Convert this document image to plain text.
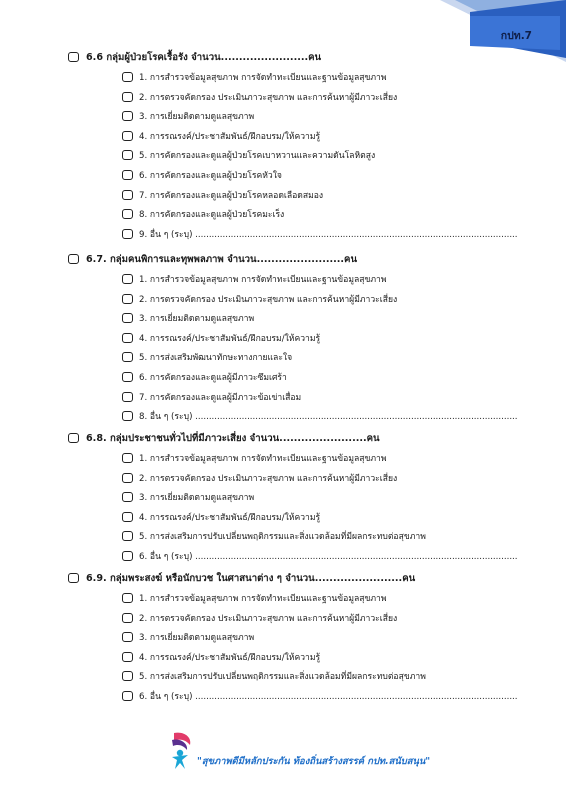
กปท.7
6.6 กลุ่มผู้ป่วยโรคเรื้อรัง จำนวน........................คน
1. การสำรวจข้อมูลสุขภาพ การจัดทำทะเบียนและฐานข้อมูลสุขภาพ
2. การตรวจคัดกรอง ประเมินภาวะสุขภาพ และการค้นหาผู้มีภาวะเสี่ยง
3. การเยี่ยมติดตามดูแลสุขภาพ
4. การรณรงค์/ประชาสัมพันธ์/ฝึกอบรม/ให้ความรู้
5. การคัดกรองและดูแลผู้ป่วยโรคเบาหวานและความดันโลหิตสูง
6. การคัดกรองและดูแลผู้ป่วยโรคหัวใจ
7. การคัดกรองและดูแลผู้ป่วยโรคหลอดเลือดสมอง
8. การคัดกรองและดูแลผู้ป่วยโรคมะเร็ง
9. อื่น ๆ (ระบุ) ......................................................................................................................
6.7. กลุ่มคนพิการและทุพพลภาพ จำนวน........................คน
1. การสำรวจข้อมูลสุขภาพ การจัดทำทะเบียนและฐานข้อมูลสุขภาพ
2. การตรวจคัดกรอง ประเมินภาวะสุขภาพ และการค้นหาผู้มีภาวะเสี่ยง
3. การเยี่ยมติดตามดูแลสุขภาพ
4. การรณรงค์/ประชาสัมพันธ์/ฝึกอบรม/ให้ความรู้
5. การส่งเสริมพัฒนาทักษะทางกายและใจ
6. การคัดกรองและดูแลผู้มีภาวะซึมเศร้า
7. การคัดกรองและดูแลผู้มีภาวะข้อเข่าเสื่อม
8. อื่น ๆ (ระบุ) ......................................................................................................................
6.8. กลุ่มประชาชนทั่วไปที่มีภาวะเสี่ยง จำนวน........................คน
1. การสำรวจข้อมูลสุขภาพ การจัดทำทะเบียนและฐานข้อมูลสุขภาพ
2. การตรวจคัดกรอง ประเมินภาวะสุขภาพ และการค้นหาผู้มีภาวะเสี่ยง
3. การเยี่ยมติดตามดูแลสุขภาพ
4. การรณรงค์/ประชาสัมพันธ์/ฝึกอบรม/ให้ความรู้
5. การส่งเสริมการปรับเปลี่ยนพฤติกรรมและสิ่งแวดล้อมที่มีผลกระทบต่อสุขภาพ
6. อื่น ๆ (ระบุ) ......................................................................................................................
6.9. กลุ่มพระสงฆ์ หรือนักบวช ในศาสนาต่าง ๆ จำนวน........................คน
1. การสำรวจข้อมูลสุขภาพ การจัดทำทะเบียนและฐานข้อมูลสุขภาพ
2. การตรวจคัดกรอง ประเมินภาวะสุขภาพ และการค้นหาผู้มีภาวะเสี่ยง
3. การเยี่ยมติดตามดูแลสุขภาพ
4. การรณรงค์/ประชาสัมพันธ์/ฝึกอบรม/ให้ความรู้
5. การส่งเสริมการปรับเปลี่ยนพฤติกรรมและสิ่งแวดล้อมที่มีผลกระทบต่อสุขภาพ
6. อื่น ๆ (ระบุ) ......................................................................................................................
"สุขภาพดีมีหลักประกัน ท้องถิ่นสร้างสรรค์ กปท.สนับสนุน"
